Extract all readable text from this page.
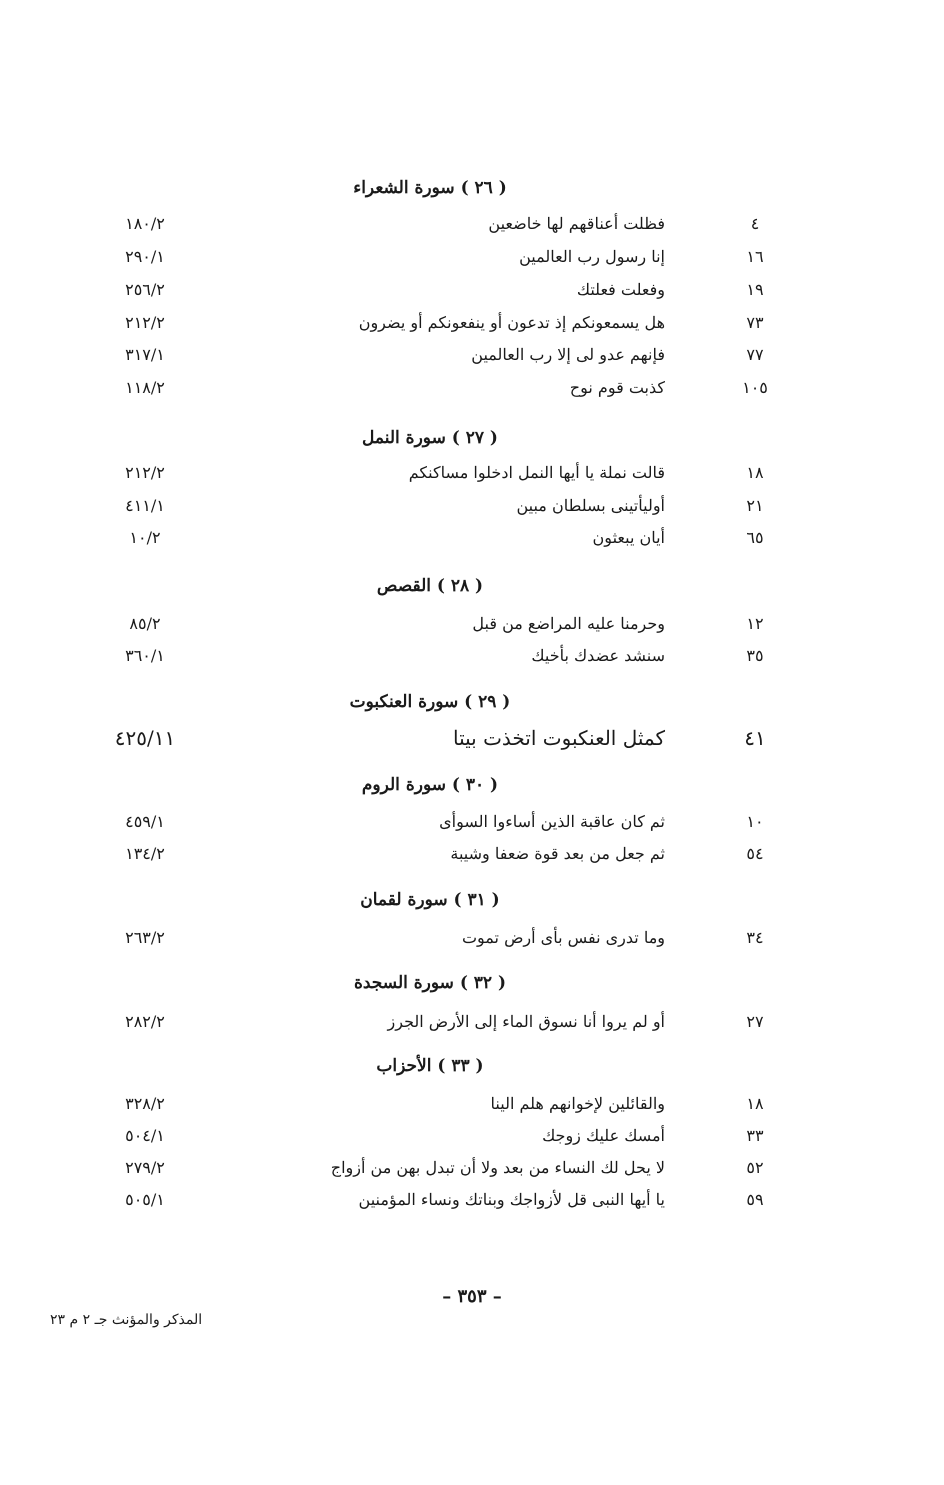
( ٢٦ ) سورة الشعراء
٤
فظلت أعناقهم لها خاضعين
١٨٠/٢
١٦
إنا رسول رب العالمين
٢٩٠/١
١٩
وفعلت فعلتك
٢٥٦/٢
٧٣
هل يسمعونكم إذ تدعون أو ينفعونكم أو يضرون
٢١٢/٢
٧٧
فإنهم عدو لى إلا رب العالمين
٣١٧/١
١٠٥
كذبت قوم نوح
١١٨/٢
( ٢٧ ) سورة النمل
١٨
قالت نملة يا أيها النمل ادخلوا مساكنكم
٢١٢/٢
٢١
أوليأتينى بسلطان مبين
٤١١/١
٦٥
أيان يبعثون
١٠/٢
( ٢٨ ) القصص
١٢
وحرمنا عليه المراضع من قبل
٨٥/٢
٣٥
سنشد عضدك بأخيك
٣٦٠/١
( ٢٩ ) سورة العنكبوت
٤١
كمثل العنكبوت اتخذت بيتا
٤٢٥/١١
( ٣٠ ) سورة الروم
١٠
ثم كان عاقبة الذين أساءوا السوأى
٤٥٩/١
٥٤
ثم جعل من بعد قوة ضعفا وشيبة
١٣٤/٢
( ٣١ ) سورة لقمان
٣٤
وما تدرى نفس بأى أرض تموت
٢٦٣/٢
( ٣٢ ) سورة السجدة
٢٧
أو لم يروا أنا نسوق الماء إلى الأرض الجرز
٢٨٢/٢
( ٣٣ ) الأحزاب
١٨
والقائلين لإخوانهم هلم الينا
٣٢٨/٢
٣٣
أمسك عليك زوجك
٥٠٤/١
٥٢
لا يحل لك النساء من بعد ولا أن تبدل بهن من أزواج
٢٧٩/٢
٥٩
يا أيها النبى قل لأزواجك وبناتك ونساء المؤمنين
٥٠٥/١
– ٣٥٣ –
المذكر والمؤنث جـ ٢ م ٢٣
